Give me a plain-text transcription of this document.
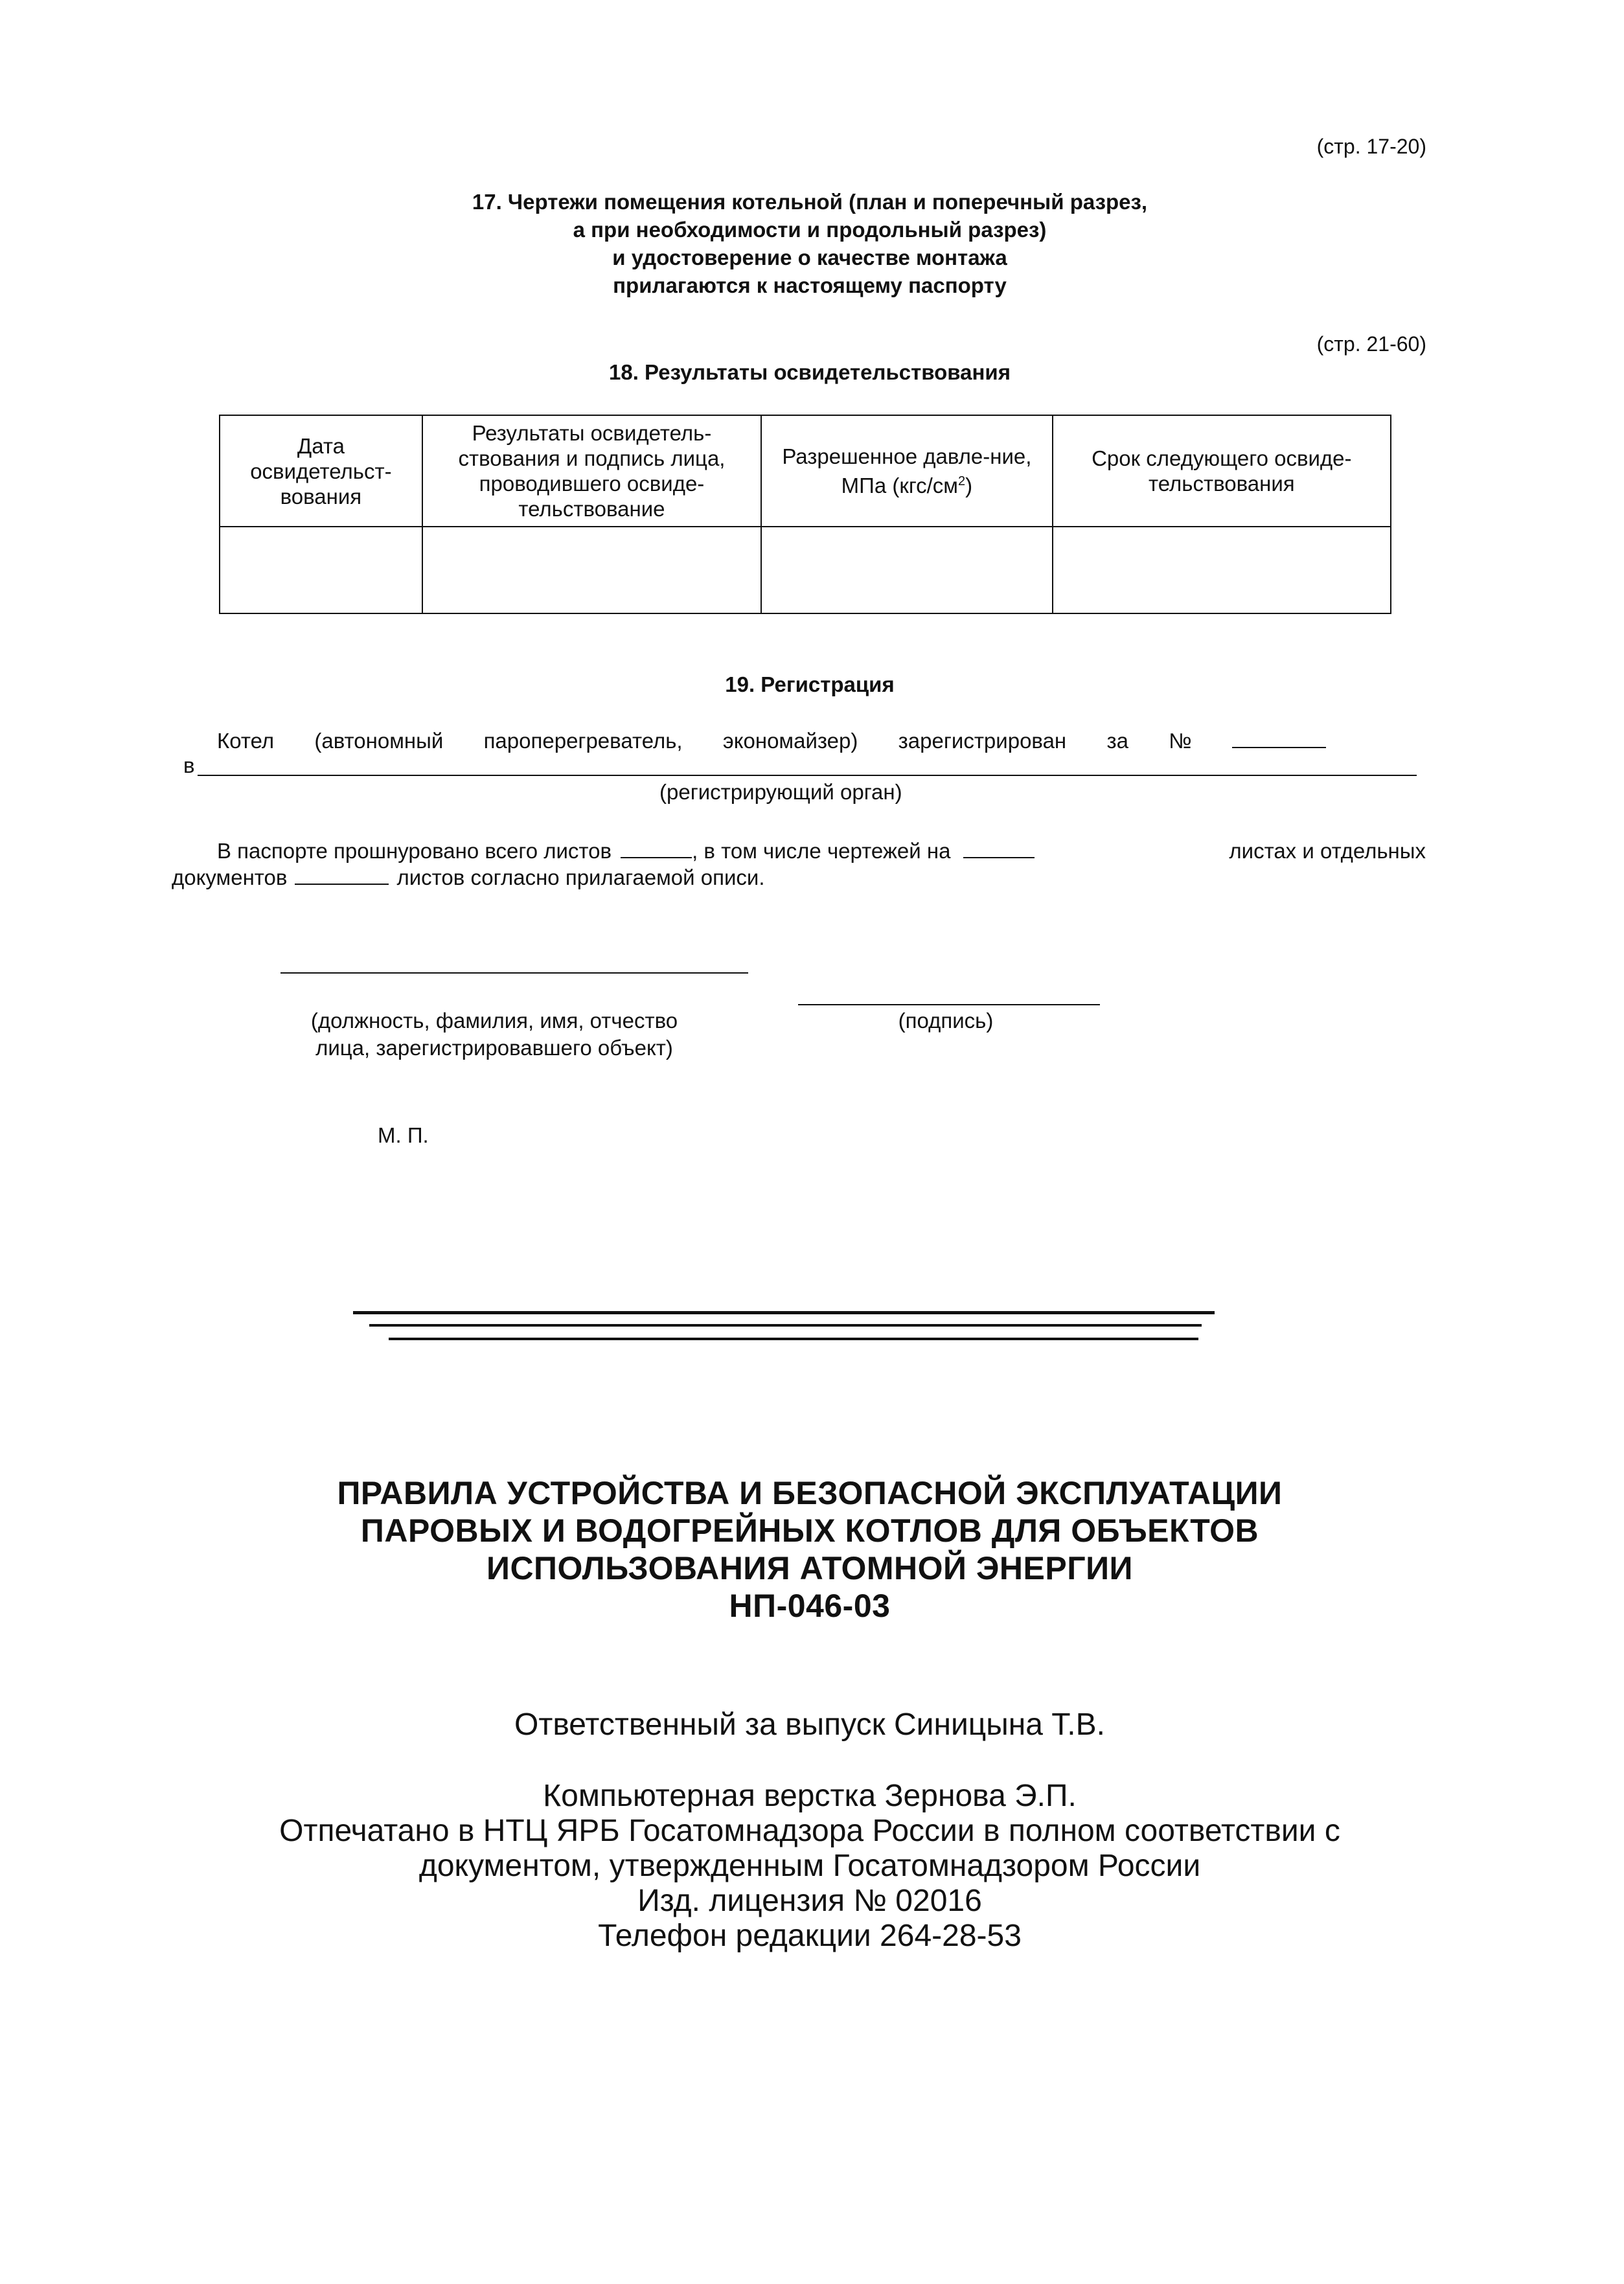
(стр. 17-20)
17. Чертежи помещения котельной (план и поперечный разрез,
а при необходимости и продольный разрез)
и удостоверение о качестве монтажа
прилагаются к настоящему паспорту
(стр. 21-60)
18. Результаты освидетельствования
Дата освидетельст-вования	Результаты освидетель-ствования и подпись лица, проводившего освиде-тельствование	Разрешенное давле-ние, МПа $(кгс/см^2)$	Срок следующего освиде-тельствования

19. Регистрация
Котел (автономный пароперегреватель, экономайзер) зарегистрирован за №
в
(регистрирующий орган)
В паспорте прошнуровано всего листов	, в том числе чертежей на	листах и отдельных
документов	листов согласно прилагаемой описи.
(должность, фамилия, имя, отчество
лица, зарегистрировавшего объект)
(подпись)
М. П.
ПРАВИЛА УСТРОЙСТВА И БЕЗОПАСНОЙ ЭКСПЛУАТАЦИИ
ПАРОВЫХ И ВОДОГРЕЙНЫХ КОТЛОВ ДЛЯ ОБЪЕКТОВ
ИСПОЛЬЗОВАНИЯ АТОМНОЙ ЭНЕРГИИ
НП-046-03
Ответственный за выпуск Синицына Т.В.
Компьютерная верстка Зернова Э.П.
Отпечатано в НТЦ ЯРБ Госатомнадзора России в полном соответствии с
документом, утвержденным Госатомнадзором России
Изд. лицензия № 02016
Телефон редакции 264-28-53
